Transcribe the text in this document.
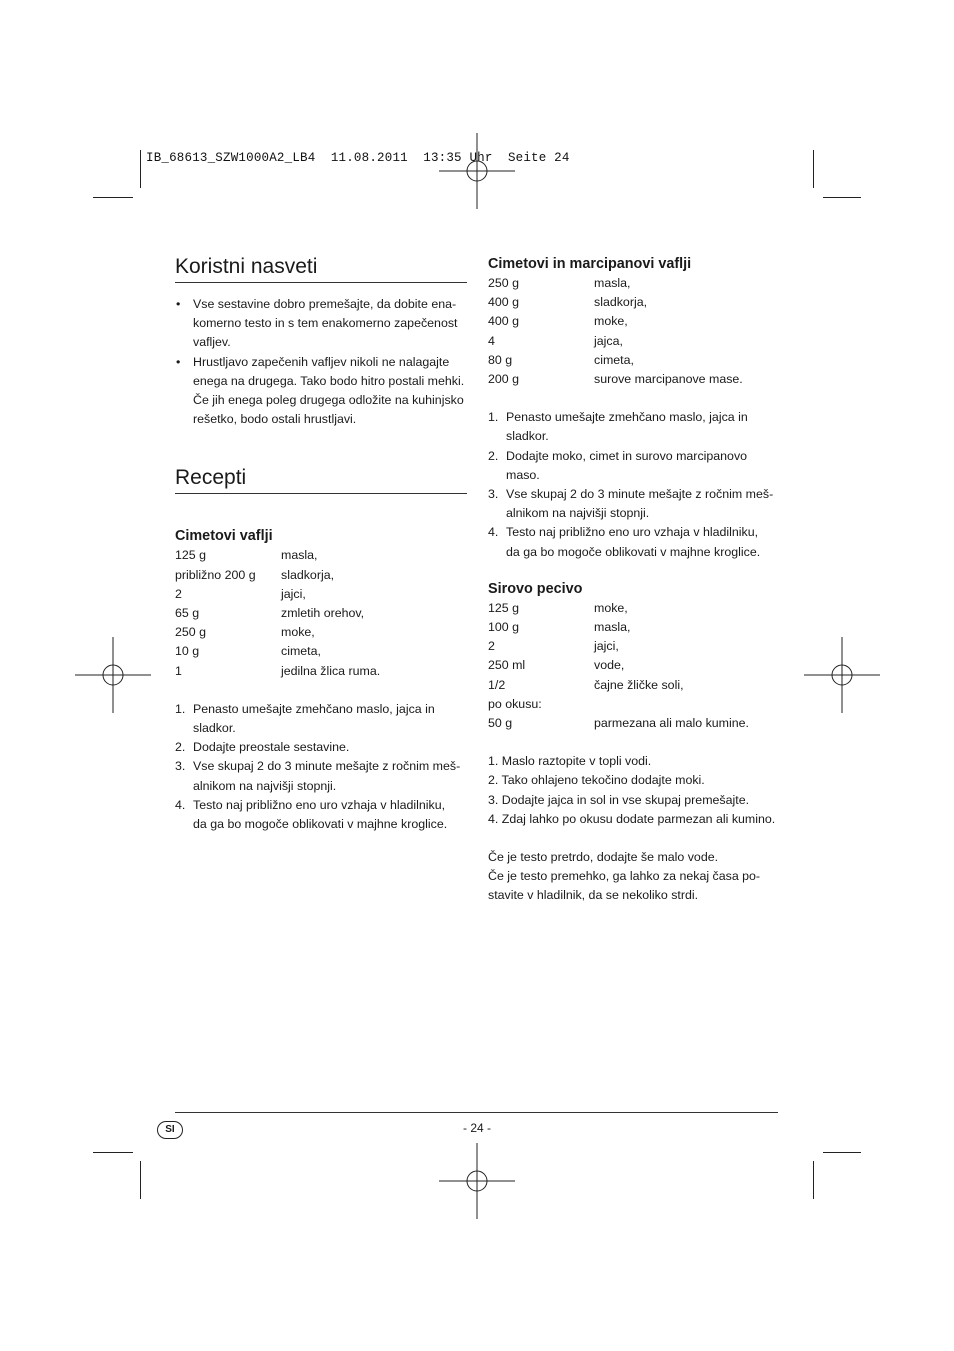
IB_68613_SZW1000A2_LB4  11.08.2011  13:35 Uhr  Seite 24
Koristni nasveti
• Vse sestavine dobro premešajte, da dobite ena-
komerno testo in s tem enakomerno zapečenost
vafljev.
• Hrustljavo zapečenih vafljev nikoli ne nalagajte
enega na drugega. Tako bodo hitro postali mehki.
Če jih enega poleg drugega odložite na kuhinjsko
rešetko, bodo ostali hrustljavi.
Recepti
Cimetovi vaflji
125 g	masla,
približno 200 g	sladkorja,
2	jajci,
65 g	zmletih orehov,
250 g	moke,
10 g	cimeta,
1	jedilna žlica ruma.
1. Penasto umešajte zmehčano maslo, jajca in
sladkor.
2. Dodajte preostale sestavine.
3. Vse skupaj 2 do 3 minute mešajte z ročnim meš-
alnikom na najvišji stopnji.
4. Testo naj približno eno uro vzhaja v hladilniku,
da ga bo mogoče oblikovati v majhne kroglice.
Cimetovi in marcipanovi vaflji
250 g	masla,
400 g	sladkorja,
400 g	moke,
4	jajca,
80 g	cimeta,
200 g	surove marcipanove mase.
1. Penasto umešajte zmehčano maslo, jajca in
sladkor.
2. Dodajte moko, cimet in surovo marcipanovo
maso.
3. Vse skupaj 2 do 3 minute mešajte z ročnim meš-
alnikom na najvišji stopnji.
4. Testo naj približno eno uro vzhaja v hladilniku,
da ga bo mogoče oblikovati v majhne kroglice.
Sirovo pecivo
125 g	moke,
100 g	masla,
2	jajci,
250 ml	vode,
1/2	čajne žličke soli,
po okusu:
50 g	parmezana ali malo kumine.
1. Maslo raztopite v topli vodi.
2. Tako ohlajeno tekočino dodajte moki.
3. Dodajte jajca in sol in vse skupaj premešajte.
4. Zdaj lahko po okusu dodate parmezan ali kumino.
Če je testo pretrdo, dodajte še malo vode.
Če je testo premehko, ga lahko za nekaj časa po-
stavite v hladilnik, da se nekoliko strdi.
SI	- 24 -
